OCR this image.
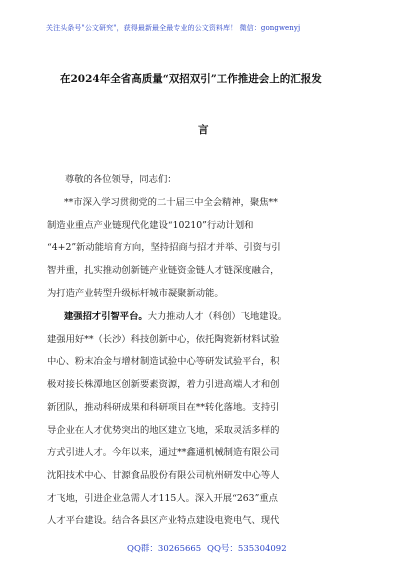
关注头条号"公文研究"，获得最新最全最专业的公文资料库！ 微信：gongwenyj
在2024年全省高质量“双招双引”工作推进会上的汇报发
言
尊敬的各位领导，同志们：
**市深入学习贯彻党的二十届三中全会精神，聚焦**
制造业重点产业链现代化建设“10210”行动计划和
“4+2”新动能培育方向，坚持招商与招才并举、引资与引
智并重，扎实推动创新链产业链资金链人才链深度融合，
为打造产业转型升级标杆城市凝聚新动能。
建强招才引智平台。大力推动人才（科创）飞地建设。
建强用好**（长沙）科技创新中心，依托陶瓷新材料试验
中心、粉末冶金与增材制造试验中心等研发试验平台，积
极对接长株潭地区创新要素资源，着力引进高端人才和创
新团队，推动科研成果和科研项目在**转化落地。支持引
导企业在人才优势突出的地区建立飞地，采取灵活多样的
方式引进人才。今年以来，通过**鑫通机械制造有限公司
沈阳技术中心、甘源食品股份有限公司杭州研发中心等人
才飞地，引进企业急需人才115人。深入开展“263”重点
人才平台建设。结合各县区产业特点建设电瓷电气、现代
QQ群：30265665 QQ号：535304092
